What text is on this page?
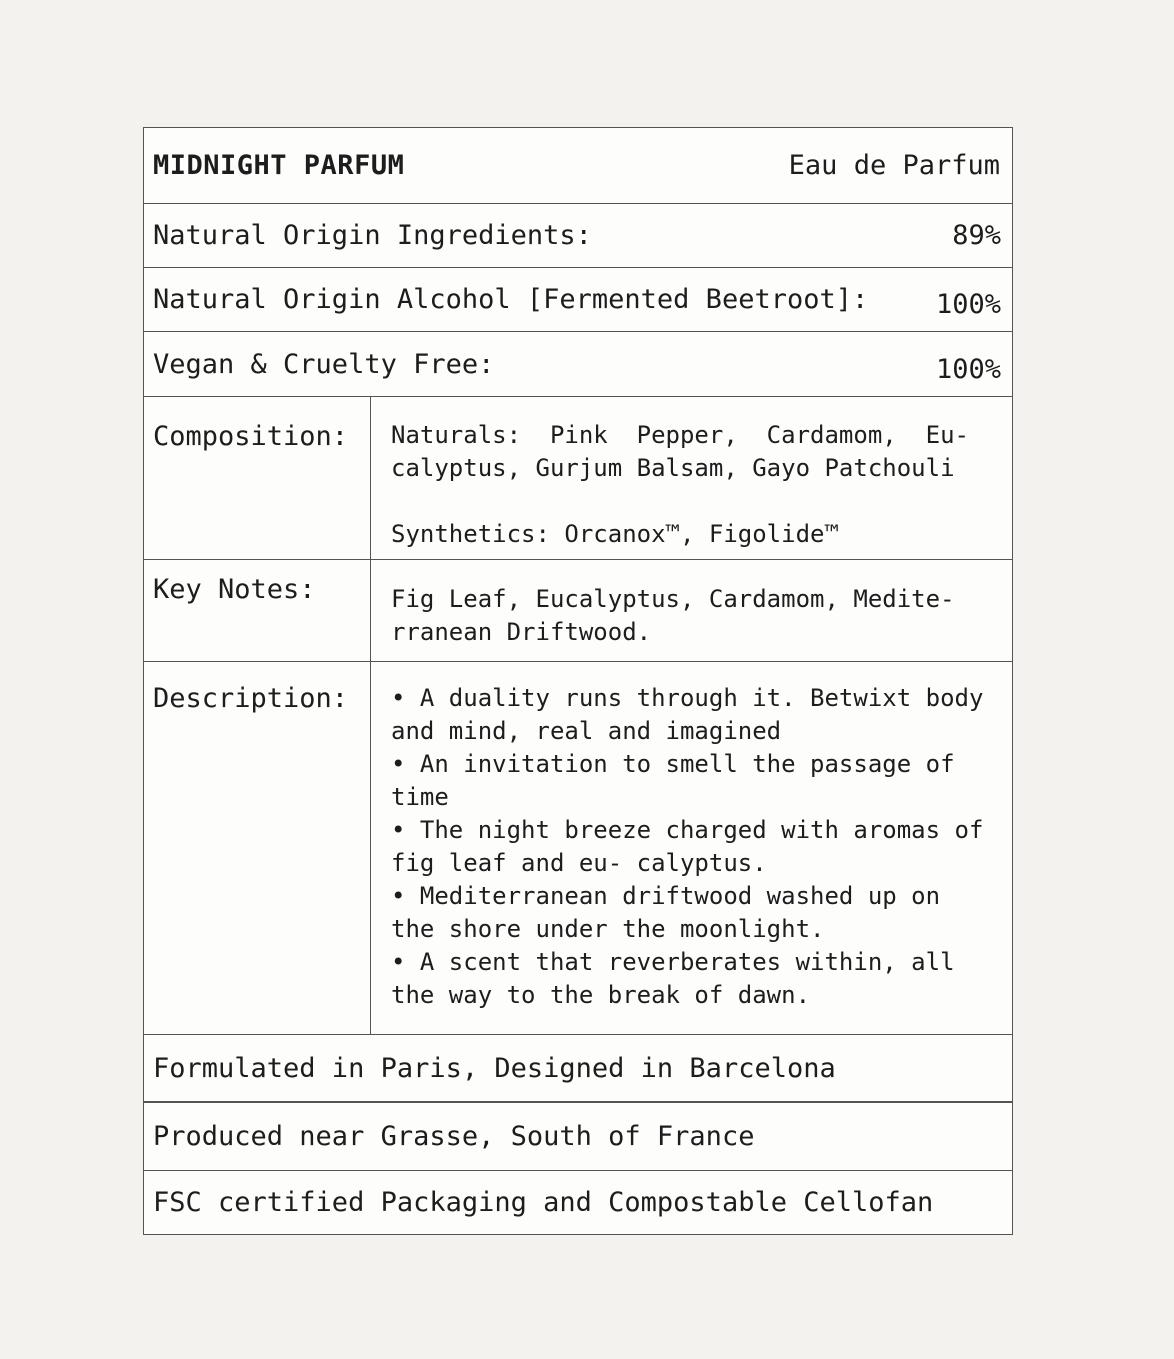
MIDNIGHT PARFUM	Eau de Parfum
Natural Origin Ingredients:	89%
Natural Origin Alcohol [Fermented Beetroot]:	100%
Vegan & Cruelty Free:	100%
Composition:	Naturals:  Pink  Pepper,  Cardamom,  Eu-
calyptus, Gurjum Balsam, Gayo Patchouli
Synthetics: Orcanox™, Figolide™
Key Notes:	Fig Leaf, Eucalyptus, Cardamom, Medite-
rranean Driftwood.
Description:	• A duality runs through it. Betwixt body
and mind, real and imagined
• An invitation to smell the passage of
time
• The night breeze charged with aromas of
fig leaf and eu- calyptus.
• Mediterranean driftwood washed up on
the shore under the moonlight.
• A scent that reverberates within, all
the way to the break of dawn.
Formulated in Paris, Designed in Barcelona
Produced near Grasse, South of France
FSC certified Packaging and Compostable Cellofan
